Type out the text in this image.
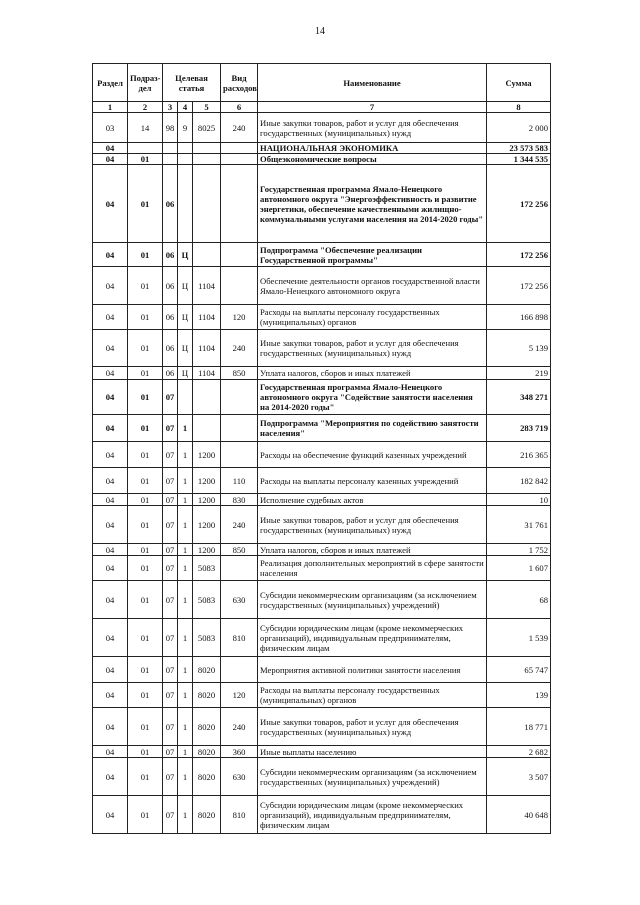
14
Раздел	Подраз-дел	Целевая статья			Вид расходов	Наименование	Сумма
1	2	3	4	5	6	7	8
03	14	98	9	8025	240	Иные закупки товаров, работ и услуг для обеспечения государственных (муниципальных) нужд	2 000
04						НАЦИОНАЛЬНАЯ ЭКОНОМИКА	23 573 583
04	01					Общеэкономические вопросы	1 344 535
04	01	06				Государственная программа Ямало-Ненецкого автономного округа "Энергоэффективность и развитие энергетики, обеспечение качественными жилищно-коммунальными услугами населения на 2014-2020 годы"	172 256
04	01	06	Ц			Подпрограмма "Обеспечение реализации Государственной программы"	172 256
04	01	06	Ц	1104		Обеспечение деятельности органов государственной власти Ямало-Ненецкого автономного округа	172 256
04	01	06	Ц	1104	120	Расходы на выплаты персоналу государственных (муниципальных) органов	166 898
04	01	06	Ц	1104	240	Иные закупки товаров, работ и услуг для обеспечения государственных (муниципальных) нужд	5 139
04	01	06	Ц	1104	850	Уплата налогов, сборов и иных платежей	219
04	01	07				Государственная программа Ямало-Ненецкого автономного округа "Содействие занятости населения на 2014-2020 годы"	348 271
04	01	07	1			Подпрограмма "Мероприятия по содействию занятости населения"	283 719
04	01	07	1	1200		Расходы на обеспечение функций казенных учреждений	216 365
04	01	07	1	1200	110	Расходы на выплаты персоналу казенных учреждений	182 842
04	01	07	1	1200	830	Исполнение судебных актов	10
04	01	07	1	1200	240	Иные закупки товаров, работ и услуг для обеспечения государственных (муниципальных) нужд	31 761
04	01	07	1	1200	850	Уплата налогов, сборов и иных платежей	1 752
04	01	07	1	5083		Реализация дополнительных мероприятий в сфере занятости населения	1 607
04	01	07	1	5083	630	Субсидии некоммерческим организациям (за исключением государственных (муниципальных) учреждений)	68
04	01	07	1	5083	810	Субсидии юридическим лицам (кроме некоммерческих организаций), индивидуальным предпринимателям, физическим лицам	1 539
04	01	07	1	8020		Мероприятия активной политики занятости населения	65 747
04	01	07	1	8020	120	Расходы на выплаты персоналу государственных (муниципальных) органов	139
04	01	07	1	8020	240	Иные закупки товаров, работ и услуг для обеспечения государственных (муниципальных) нужд	18 771
04	01	07	1	8020	360	Иные выплаты населению	2 682
04	01	07	1	8020	630	Субсидии некоммерческим организациям (за исключением государственных (муниципальных) учреждений)	3 507
04	01	07	1	8020	810	Субсидии юридическим лицам (кроме некоммерческих организаций), индивидуальным предпринимателям, физическим лицам	40 648
